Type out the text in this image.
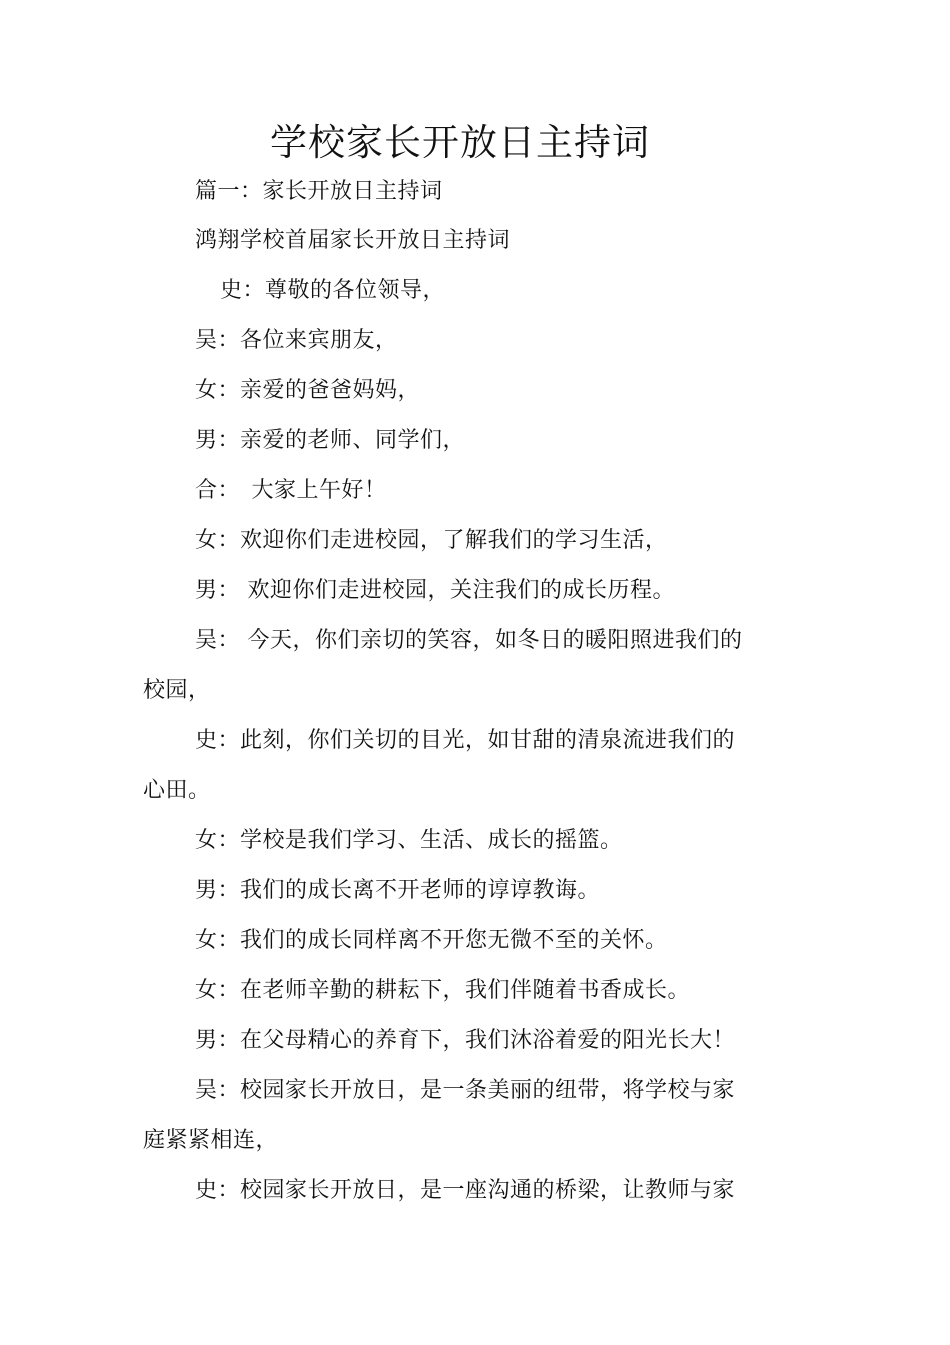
学校家长开放日主持词
篇一：家长开放日主持词
鸿翔学校首届家长开放日主持词
史：尊敬的各位领导，
吴：各位来宾朋友，
女：亲爱的爸爸妈妈，
男：亲爱的老师、同学们，
合：　大家上午好！
女：欢迎你们走进校园，了解我们的学习生活，
男： 欢迎你们走进校园，关注我们的成长历程。
吴： 今天，你们亲切的笑容，如冬日的暖阳照进我们的
校园，
史：此刻，你们关切的目光，如甘甜的清泉流进我们的
心田。
女：学校是我们学习、生活、成长的摇篮。
男：我们的成长离不开老师的谆谆教诲。
女：我们的成长同样离不开您无微不至的关怀。
女：在老师辛勤的耕耘下，我们伴随着书香成长。
男：在父母精心的养育下，我们沐浴着爱的阳光长大！
吴：校园家长开放日，是一条美丽的纽带，将学校与家
庭紧紧相连，
史：校园家长开放日，是一座沟通的桥梁，让教师与家
